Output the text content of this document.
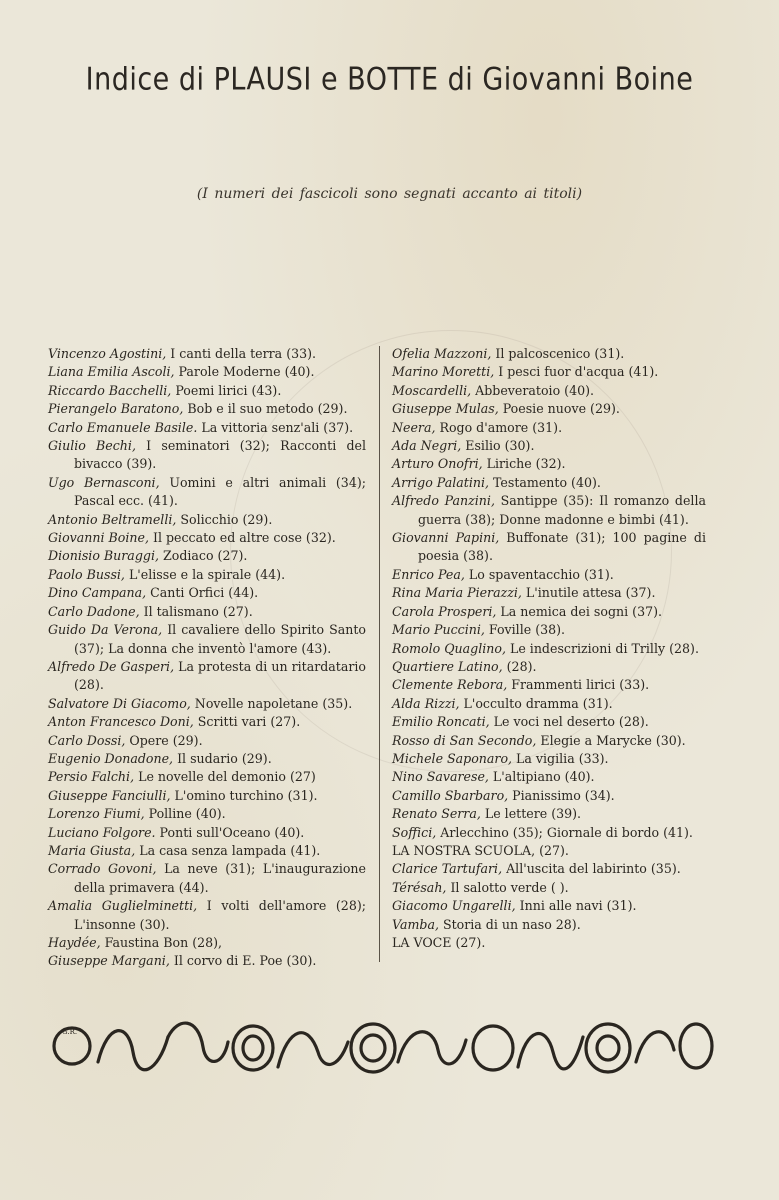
Indice di PLAUSI e BOTTE di Giovanni Boine
(I numeri dei fascicoli sono segnati accanto ai titoli)
Vincenzo Agostini, I canti della terra (33).
Liana Emilia Ascoli, Parole Moderne (40).
Riccardo Bacchelli, Poemi lirici (43).
Pierangelo Baratono, Bob e il suo metodo (29).
Carlo Emanuele Basile. La vittoria senz'ali (37).
Giulio Bechi, I seminatori (32); Racconti del bivacco (39).
Ugo Bernasconi, Uomini e altri animali (34); Pascal ecc. (41).
Antonio Beltramelli, Solicchio (29).
Giovanni Boine, Il peccato ed altre cose (32).
Dionisio Buraggi, Zodiaco (27).
Paolo Bussi, L'elisse e la spirale (44).
Dino Campana, Canti Orfici (44).
Carlo Dadone, Il talismano (27).
Guido Da Verona, Il cavaliere dello Spirito Santo (37); La donna che inventò l'amore (43).
Alfredo De Gasperi, La protesta di un ritardatario (28).
Salvatore Di Giacomo, Novelle napoletane (35).
Anton Francesco Doni, Scritti vari (27).
Carlo Dossi, Opere (29).
Eugenio Donadone, Il sudario (29).
Persio Falchi, Le novelle del demonio (27)
Giuseppe Fanciulli, L'omino turchino (31).
Lorenzo Fiumi, Polline (40).
Luciano Folgore. Ponti sull'Oceano (40).
Maria Giusta, La casa senza lampada (41).
Corrado Govoni, La neve (31); L'inaugurazione della primavera (44).
Amalia Guglielminetti, I volti dell'amore (28); L'insonne (30).
Haydée, Faustina Bon (28),
Giuseppe Margani, Il corvo di E. Poe (30).
Ofelia Mazzoni, Il palcoscenico (31).
Marino Moretti, I pesci fuor d'acqua (41).
Moscardelli, Abbeveratoio (40).
Giuseppe Mulas, Poesie nuove (29).
Neera, Rogo d'amore (31).
Ada Negri, Esilio (30).
Arturo Onofri, Liriche (32).
Arrigo Palatini, Testamento (40).
Alfredo Panzini, Santippe (35): Il romanzo della guerra (38); Donne madonne e bimbi (41).
Giovanni Papini, Buffonate (31); 100 pagine di poesia (38).
Enrico Pea, Lo spaventacchio (31).
Rina Maria Pierazzi, L'inutile attesa (37).
Carola Prosperi, La nemica dei sogni (37).
Mario Puccini, Foville (38).
Romolo Quaglino, Le indescrizioni di Trilly (28).
Quartiere Latino, (28).
Clemente Rebora, Frammenti lirici (33).
Alda Rizzi, L'occulto dramma (31).
Emilio Roncati, Le voci nel deserto (28).
Rosso di San Secondo, Elegie a Marycke (30).
Michele Saponaro, La vigilia (33).
Nino Savarese, L'altipiano (40).
Camillo Sbarbaro, Pianissimo (34).
Renato Serra, Le lettere (39).
Soffici, Arlecchino (35); Giornale di bordo (41).
LA NOSTRA SCUOLA, (27).
Clarice Tartufari, All'uscita del labirinto (35).
Térésah, Il salotto verde ( ).
Giacomo Ungarelli, Inni alle navi (31).
Vamba, Storia di un naso 28).
LA VOCE (27).
G.R.
